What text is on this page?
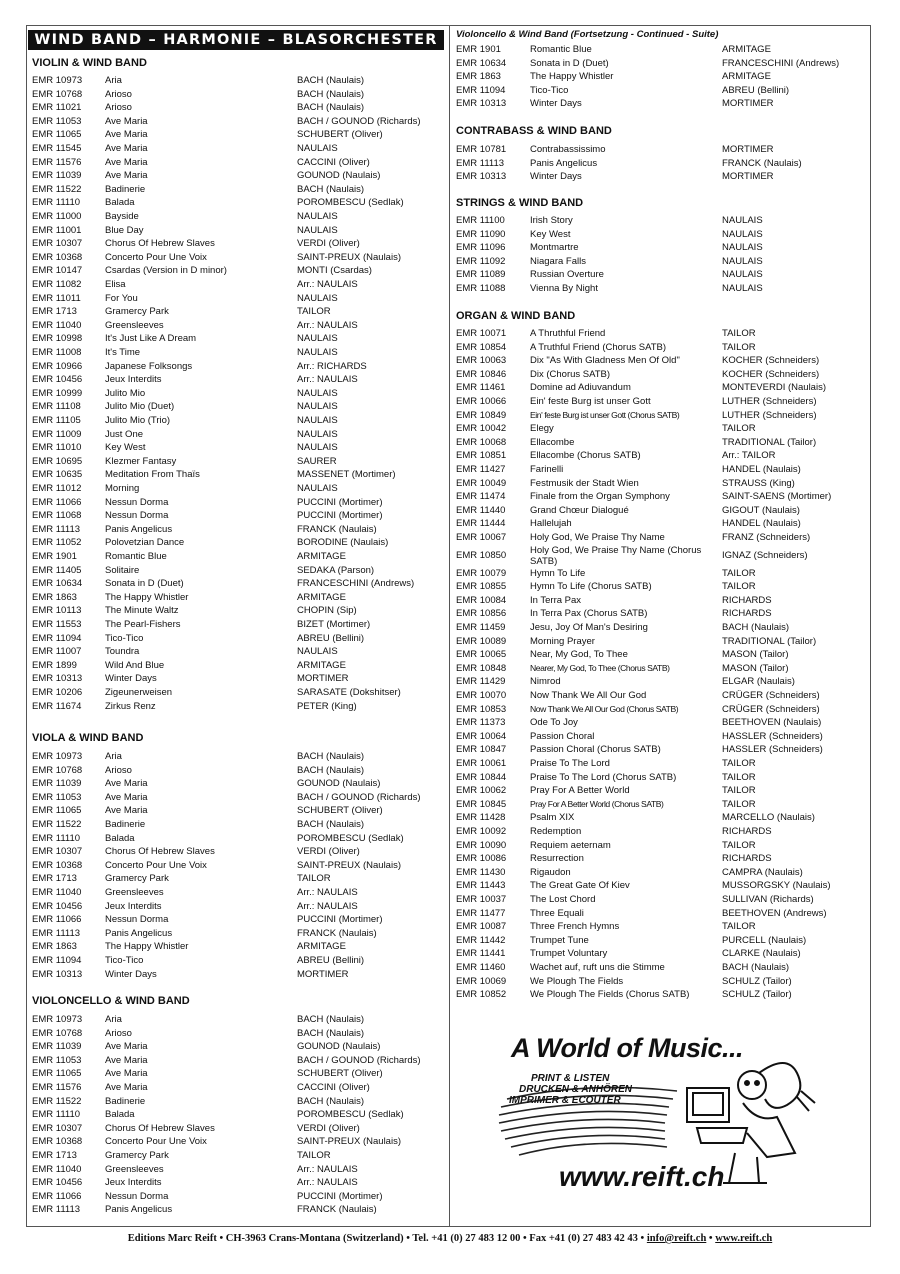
WIND BAND – HARMONIE – BLASORCHESTER
VIOLIN & WIND BAND
EMR 10973 Aria	BACH (Naulais)
EMR 10768 Arioso	BACH (Naulais)
EMR 11021 Arioso	BACH (Naulais)
EMR 11053 Ave Maria	BACH / GOUNOD (Richards)
EMR 11065 Ave Maria	SCHUBERT (Oliver)
EMR 11545 Ave Maria	NAULAIS
EMR 11576 Ave Maria	CACCINI (Oliver)
EMR 11039 Ave Maria	GOUNOD (Naulais)
EMR 11522 Badinerie	BACH (Naulais)
EMR 11110	Balada	POROMBESCU (Sedlak)
EMR 11000 Bayside	NAULAIS
EMR 11001 Blue Day	NAULAIS
EMR 10307 Chorus Of Hebrew Slaves	VERDI (Oliver)
EMR 10368 Concerto Pour Une Voix	SAINT-PREUX (Naulais)
EMR 10147 Csardas (Version in D minor)	MONTI (Csardas)
EMR 11082 Elisa	Arr.: NAULAIS
EMR 11011	For You	NAULAIS
EMR 1713	Gramercy Park	TAILOR
EMR 11040 Greensleeves	Arr.: NAULAIS
EMR 10998 It's Just Like A Dream	NAULAIS
EMR 11008 It's Time	NAULAIS
EMR 10966 Japanese Folksongs	Arr.: RICHARDS
EMR 10456 Jeux Interdits	Arr.: NAULAIS
EMR 10999 Julito Mio	NAULAIS
EMR 11108	Julito Mio (Duet)	NAULAIS
EMR 11105	Julito Mio (Trio)	NAULAIS
EMR 11009 Just One	NAULAIS
EMR 11010 Key West	NAULAIS
EMR 10695 Klezmer Fantasy	SAURER
EMR 10635 Meditation From Thaïs	MASSENET (Mortimer)
EMR 11012 Morning	NAULAIS
EMR 11066 Nessun Dorma	PUCCINI (Mortimer)
EMR 11068 Nessun Dorma	PUCCINI (Mortimer)
EMR 11113	Panis Angelicus	FRANCK (Naulais)
EMR 11052 Polovetzian Dance	BORODINE (Naulais)
EMR 1901	Romantic Blue	ARMITAGE
EMR 11405 Solitaire	SEDAKA (Parson)
EMR 10634 Sonata in D (Duet)	FRANCESCHINI (Andrews)
EMR 1863	The Happy Whistler	ARMITAGE
EMR 10113 The Minute Waltz	CHOPIN (Sip)
EMR 11553 The Pearl-Fishers	BIZET (Mortimer)
EMR 11094 Tico-Tico	ABREU (Bellini)
EMR 11007 Toundra	NAULAIS
EMR 1899	Wild And Blue	ARMITAGE
EMR 10313 Winter Days	MORTIMER
EMR 10206 Zigeunerweisen	SARASATE (Dokshitser)
EMR 11674 Zirkus Renz	PETER (King)
VIOLA & WIND BAND
EMR 10973 Aria	BACH (Naulais)
EMR 10768 Arioso	BACH (Naulais)
EMR 11039 Ave Maria	GOUNOD (Naulais)
EMR 11053 Ave Maria	BACH / GOUNOD (Richards)
EMR 11065 Ave Maria	SCHUBERT (Oliver)
EMR 11522 Badinerie	BACH (Naulais)
EMR 11110	Balada	POROMBESCU (Sedlak)
EMR 10307 Chorus Of Hebrew Slaves	VERDI (Oliver)
EMR 10368 Concerto Pour Une Voix	SAINT-PREUX (Naulais)
EMR 1713	Gramercy Park	TAILOR
EMR 11040 Greensleeves	Arr.: NAULAIS
EMR 10456 Jeux Interdits	Arr.: NAULAIS
EMR 11066 Nessun Dorma	PUCCINI (Mortimer)
EMR 11113	Panis Angelicus	FRANCK (Naulais)
EMR 1863	The Happy Whistler	ARMITAGE
EMR 11094 Tico-Tico	ABREU (Bellini)
EMR 10313 Winter Days	MORTIMER
VIOLONCELLO & WIND BAND
EMR 10973 Aria	BACH (Naulais)
EMR 10768 Arioso	BACH (Naulais)
EMR 11039 Ave Maria	GOUNOD (Naulais)
EMR 11053 Ave Maria	BACH / GOUNOD (Richards)
EMR 11065 Ave Maria	SCHUBERT (Oliver)
EMR 11576 Ave Maria	CACCINI (Oliver)
EMR 11522 Badinerie	BACH (Naulais)
EMR 11110	Balada	POROMBESCU (Sedlak)
EMR 10307 Chorus Of Hebrew Slaves	VERDI (Oliver)
EMR 10368 Concerto Pour Une Voix	SAINT-PREUX (Naulais)
EMR 1713	Gramercy Park	TAILOR
EMR 11040 Greensleeves	Arr.: NAULAIS
EMR 10456 Jeux Interdits	Arr.: NAULAIS
EMR 11066 Nessun Dorma	PUCCINI (Mortimer)
EMR 11113	Panis Angelicus	FRANCK (Naulais)
Violoncello & Wind Band (Fortsetzung - Continued - Suite)
EMR 1901	Romantic Blue	ARMITAGE
EMR 10634	Sonata in D (Duet)	FRANCESCHINI (Andrews)
EMR 1863	The Happy Whistler	ARMITAGE
EMR 11094	Tico-Tico	ABREU (Bellini)
EMR 10313	Winter Days	MORTIMER
CONTRABASS & WIND BAND
EMR 10781	Contrabassissimo	MORTIMER
EMR 11113	Panis Angelicus	FRANCK (Naulais)
EMR 10313	Winter Days	MORTIMER
STRINGS & WIND BAND
EMR 11100	Irish Story	NAULAIS
EMR 11090	Key West	NAULAIS
EMR 11096	Montmartre	NAULAIS
EMR 11092	Niagara Falls	NAULAIS
EMR 11089	Russian Overture	NAULAIS
EMR 11088	Vienna By Night	NAULAIS
ORGAN & WIND BAND
EMR 10071	A Thruthful Friend	TAILOR
EMR 10854	A Truthful Friend (Chorus SATB)	TAILOR
EMR 10063	Dix "As With Gladness Men Of Old"	KOCHER (Schneiders)
EMR 10846	Dix (Chorus SATB)	KOCHER (Schneiders)
EMR 11461	Domine ad Adiuvandum	MONTEVERDI (Naulais)
EMR 10066	Ein' feste Burg ist unser Gott	LUTHER (Schneiders)
EMR 10849	Ein' feste Burg ist unser Gott (Chorus SATB)	LUTHER (Schneiders)
EMR 10042	Elegy	TAILOR
EMR 10068	Ellacombe	TRADITIONAL (Tailor)
EMR 10851	Ellacombe (Chorus SATB)	Arr.: TAILOR
EMR 11427	Farinelli	HANDEL (Naulais)
EMR 10049	Festmusik der Stadt Wien	STRAUSS (King)
EMR 11474	Finale from the Organ Symphony	SAINT-SAENS (Mortimer)
EMR 11440	Grand Chœur Dialogué	GIGOUT (Naulais)
EMR 11444	Hallelujah	HANDEL (Naulais)
EMR 10067	Holy God, We Praise Thy Name	FRANZ (Schneiders)
EMR 10850	Holy God, We Praise Thy Name (Chorus SATB)
IGNAZ (Schneiders)
EMR 10079	Hymn To Life	TAILOR
EMR 10855	Hymn To Life (Chorus SATB)	TAILOR
EMR 10084	In Terra Pax	RICHARDS
EMR 10856	In Terra Pax (Chorus SATB)	RICHARDS
EMR 11459	Jesu, Joy Of Man's Desiring	BACH (Naulais)
EMR 10089	Morning Prayer	TRADITIONAL (Tailor)
EMR 10065	Near, My God, To Thee	MASON (Tailor)
EMR 10848	Nearer, My God, To Thee (Chorus SATB)	MASON (Tailor)
EMR 11429	Nimrod	ELGAR (Naulais)
EMR 10070	Now Thank We All Our God	CRÜGER (Schneiders)
EMR 10853	Now Thank We All Our God (Chorus SATB)	CRÜGER (Schneiders)
EMR 11373	Ode To Joy	BEETHOVEN (Naulais)
EMR 10064	Passion Choral	HASSLER (Schneiders)
EMR 10847	Passion Choral (Chorus SATB)	HASSLER (Schneiders)
EMR 10061	Praise To The Lord	TAILOR
EMR 10844	Praise To The Lord (Chorus SATB)	TAILOR
EMR 10062	Pray For A Better World	TAILOR
EMR 10845	Pray For A Better World (Chorus SATB)	TAILOR
EMR 11428	Psalm XIX	MARCELLO (Naulais)
EMR 10092	Redemption	RICHARDS
EMR 10090	Requiem aeternam	TAILOR
EMR 10086	Resurrection	RICHARDS
EMR 11430	Rigaudon	CAMPRA (Naulais)
EMR 11443	The Great Gate Of Kiev	MUSSORGSKY (Naulais)
EMR 10037	The Lost Chord	SULLIVAN (Richards)
EMR 11477	Three Equali	BEETHOVEN (Andrews)
EMR 10087	Three French Hymns	TAILOR
EMR 11442	Trumpet Tune	PURCELL (Naulais)
EMR 11441	Trumpet Voluntary	CLARKE (Naulais)
EMR 11460	Wachet auf, ruft uns die Stimme	BACH (Naulais)
EMR 10069	We Plough The Fields	SCHULZ (Tailor)
EMR 10852	We Plough The Fields (Chorus SATB)	SCHULZ (Tailor)
A World of Music...
PRINT & LISTEN
DRUCKEN & ANHÖREN
IMPRIMER & ECOUTER
www.reift.ch
Editions Marc Reift • CH-3963 Crans-Montana (Switzerland) • Tel. +41 (0) 27 483 12 00 • Fax +41 (0) 27 483 42 43 • info@reift.ch • www.reift.ch
